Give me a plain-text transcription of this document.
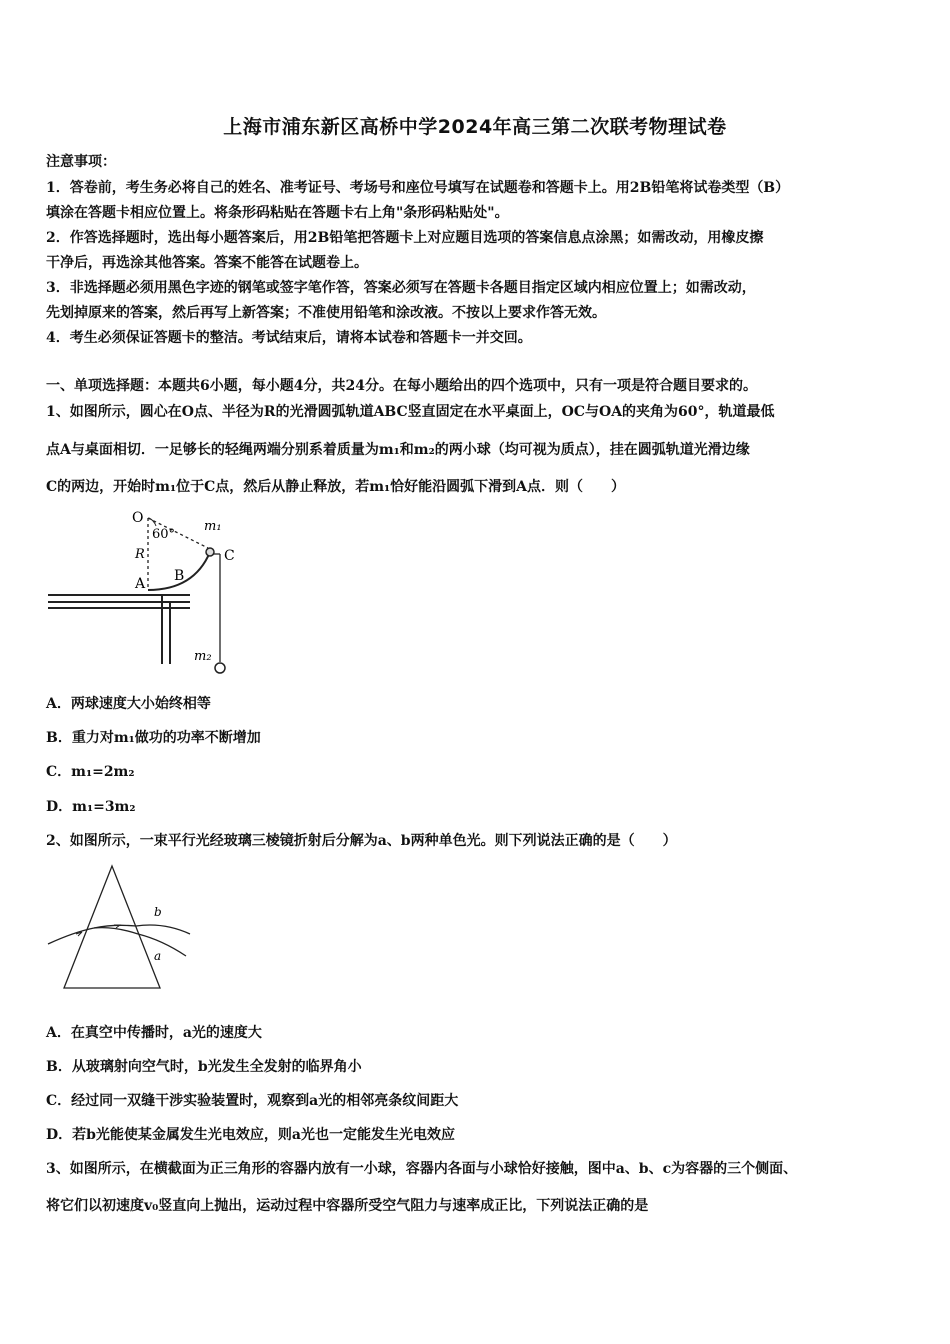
上海市浦东新区高桥中学2024年高三第二次联考物理试卷
注意事项：
1．答卷前，考生务必将自己的姓名、准考证号、考场号和座位号填写在试题卷和答题卡上。用2B铅笔将试卷类型（B）
填涂在答题卡相应位置上。将条形码粘贴在答题卡右上角"条形码粘贴处"。
2．作答选择题时，选出每小题答案后，用2B铅笔把答题卡上对应题目选项的答案信息点涂黑；如需改动，用橡皮擦
干净后，再选涂其他答案。答案不能答在试题卷上。
3．非选择题必须用黑色字迹的钢笔或签字笔作答，答案必须写在答题卡各题目指定区域内相应位置上；如需改动，
先划掉原来的答案，然后再写上新答案；不准使用铅笔和涂改液。不按以上要求作答无效。
4．考生必须保证答题卡的整洁。考试结束后，请将本试卷和答题卡一并交回。
一、单项选择题：本题共6小题，每小题4分，共24分。在每小题给出的四个选项中，只有一项是符合题目要求的。
1、如图所示，圆心在O点、半径为R的光滑圆弧轨道ABC竖直固定在水平桌面上，OC与OA的夹角为60°，轨道最低
点A与桌面相切．一足够长的轻绳两端分别系着质量为m₁和m₂的两小球（均可视为质点），挂在圆弧轨道光滑边缘
C的两边，开始时m₁位于C点，然后从静止释放，若m₁恰好能沿圆弧下滑到A点．则（　　）
O
60°
R
A B
C
m₁
m₂
A．两球速度大小始终相等
B．重力对m₁做功的功率不断增加
C．m₁=2m₂
D．m₁=3m₂
2、如图所示，一束平行光经玻璃三棱镜折射后分解为a、b两种单色光。则下列说法正确的是（　　）
b
a
A．在真空中传播时，a光的速度大
B．从玻璃射向空气时，b光发生全发射的临界角小
C．经过同一双缝干涉实验装置时，观察到a光的相邻亮条纹间距大
D．若b光能使某金属发生光电效应，则a光也一定能发生光电效应
3、如图所示，在横截面为正三角形的容器内放有一小球，容器内各面与小球恰好接触，图中a、b、c为容器的三个侧面、
将它们以初速度v₀竖直向上抛出，运动过程中容器所受空气阻力与速率成正比，下列说法正确的是
